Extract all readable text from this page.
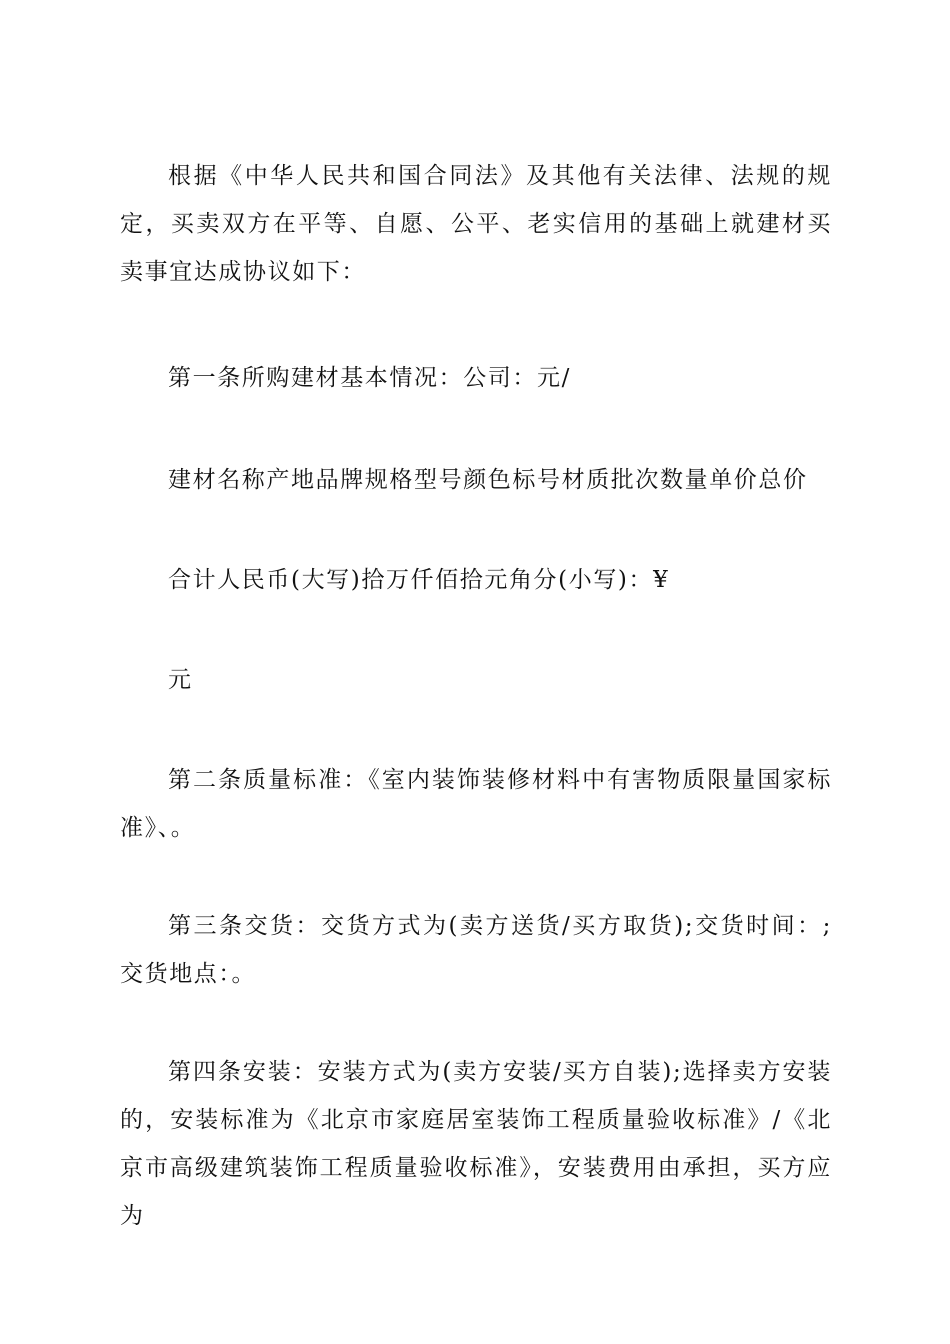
根据《中华人民共和国合同法》及其他有关法律、法规的规定，买卖双方在平等、自愿、公平、老实信用的基础上就建材买卖事宜达成协议如下：

第一条所购建材基本情况：公司：元/

建材名称产地品牌规格型号颜色标号材质批次数量单价总价

合计人民币(大写)拾万仟佰拾元角分(小写)：¥

元

第二条质量标准：《室内装饰装修材料中有害物质限量国家标准》、。

第三条交货：交货方式为(卖方送货/买方取货);交货时间：;交货地点：。

第四条安装：安装方式为(卖方安装/买方自装);选择卖方安装的，安装标准为《北京市家庭居室装饰工程质量验收标准》/《北京市高级建筑装饰工程质量验收标准》，安装费用由承担，买方应为
